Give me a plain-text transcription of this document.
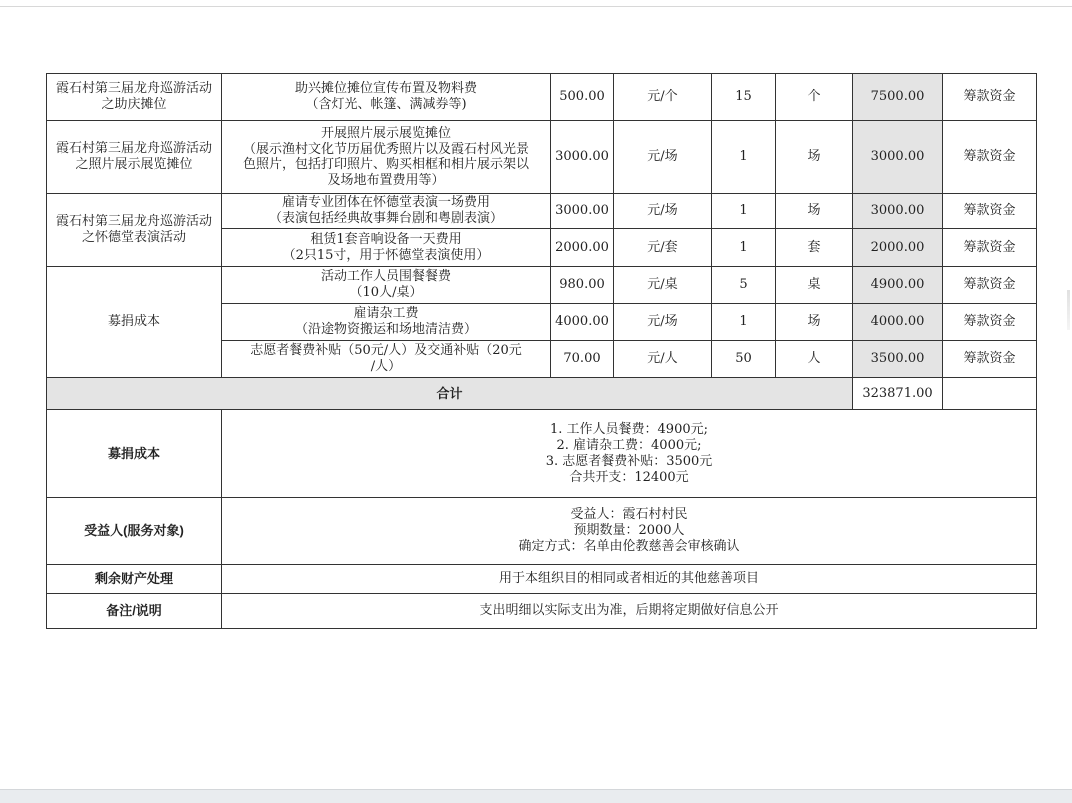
霞石村第三届龙舟巡游活动之助庆摊位	助兴摊位摊位宣传布置及物料费
（含灯光、帐篷、满减券等)	500.00	元/个	15	个	7500.00	筹款资金
霞石村第三届龙舟巡游活动之照片展示展览摊位	开展照片展示展览摊位
（展示渔村文化节历届优秀照片以及霞石村风光景
色照片，包括打印照片、购买相框和相片展示架以
及场地布置费用等）	3000.00	元/场	1	场	3000.00	筹款资金
霞石村第三届龙舟巡游活动之怀德堂表演活动	雇请专业团体在怀德堂表演一场费用
（表演包括经典故事舞台剧和粤剧表演）	3000.00	元/场	1	场	3000.00	筹款资金

	租赁1套音响设备一天费用
（2只15寸，用于怀德堂表演使用）	2000.00	元/套	1	套	2000.00	筹款资金
募捐成本	活动工作人员围餐餐费
（10人/桌）	980.00	元/桌	5	桌	4900.00	筹款资金

	雇请杂工费
（沿途物资搬运和场地清洁费）	4000.00	元/场	1	场	4000.00	筹款资金

	志愿者餐费补贴（50元/人）及交通补贴（20元
/人）	70.00	元/人	50	人	3500.00	筹款资金
合计						323871.00	
募捐成本	1. 工作人员餐费：4900元;
2. 雇请杂工费：4000元;
3. 志愿者餐费补贴：3500元
合共开支：12400元						

受益人(服务对象)	受益人：霞石村村民
预期数量：2000人
确定方式：名单由伦教慈善会审核确认						

剩余财产处理	用于本组织目的相同或者相近的其他慈善项目						
备注/说明	支出明细以实际支出为准，后期将定期做好信息公开						
